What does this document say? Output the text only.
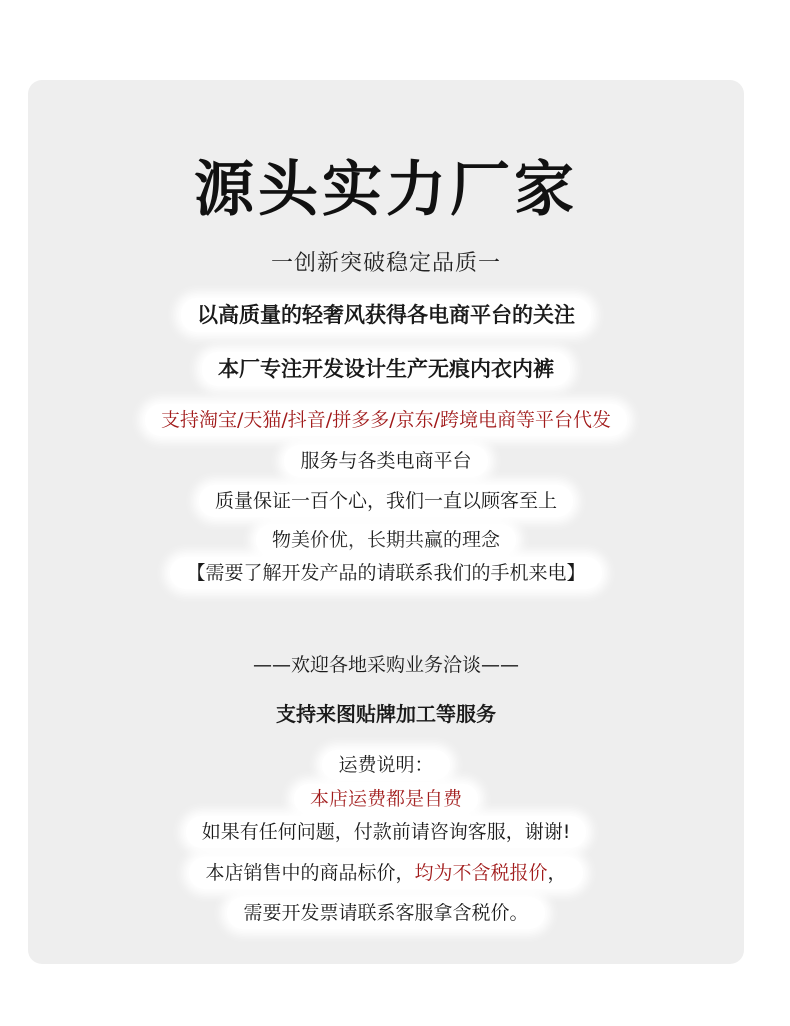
源头实力厂家
一创新突破稳定品质一
以高质量的轻奢风获得各电商平台的关注
本厂专注开发设计生产无痕内衣内裤
支持淘宝/天猫/抖音/拼多多/京东/跨境电商等平台代发
服务与各类电商平台
质量保证一百个心，我们一直以顾客至上
物美价优，长期共赢的理念
【需要了解开发产品的请联系我们的手机来电】
——欢迎各地采购业务洽谈——
支持来图贴牌加工等服务
运费说明：
本店运费都是自费
如果有任何问题，付款前请咨询客服，谢谢!
本店销售中的商品标价，均为不含税报价，
需要开发票请联系客服拿含税价。
